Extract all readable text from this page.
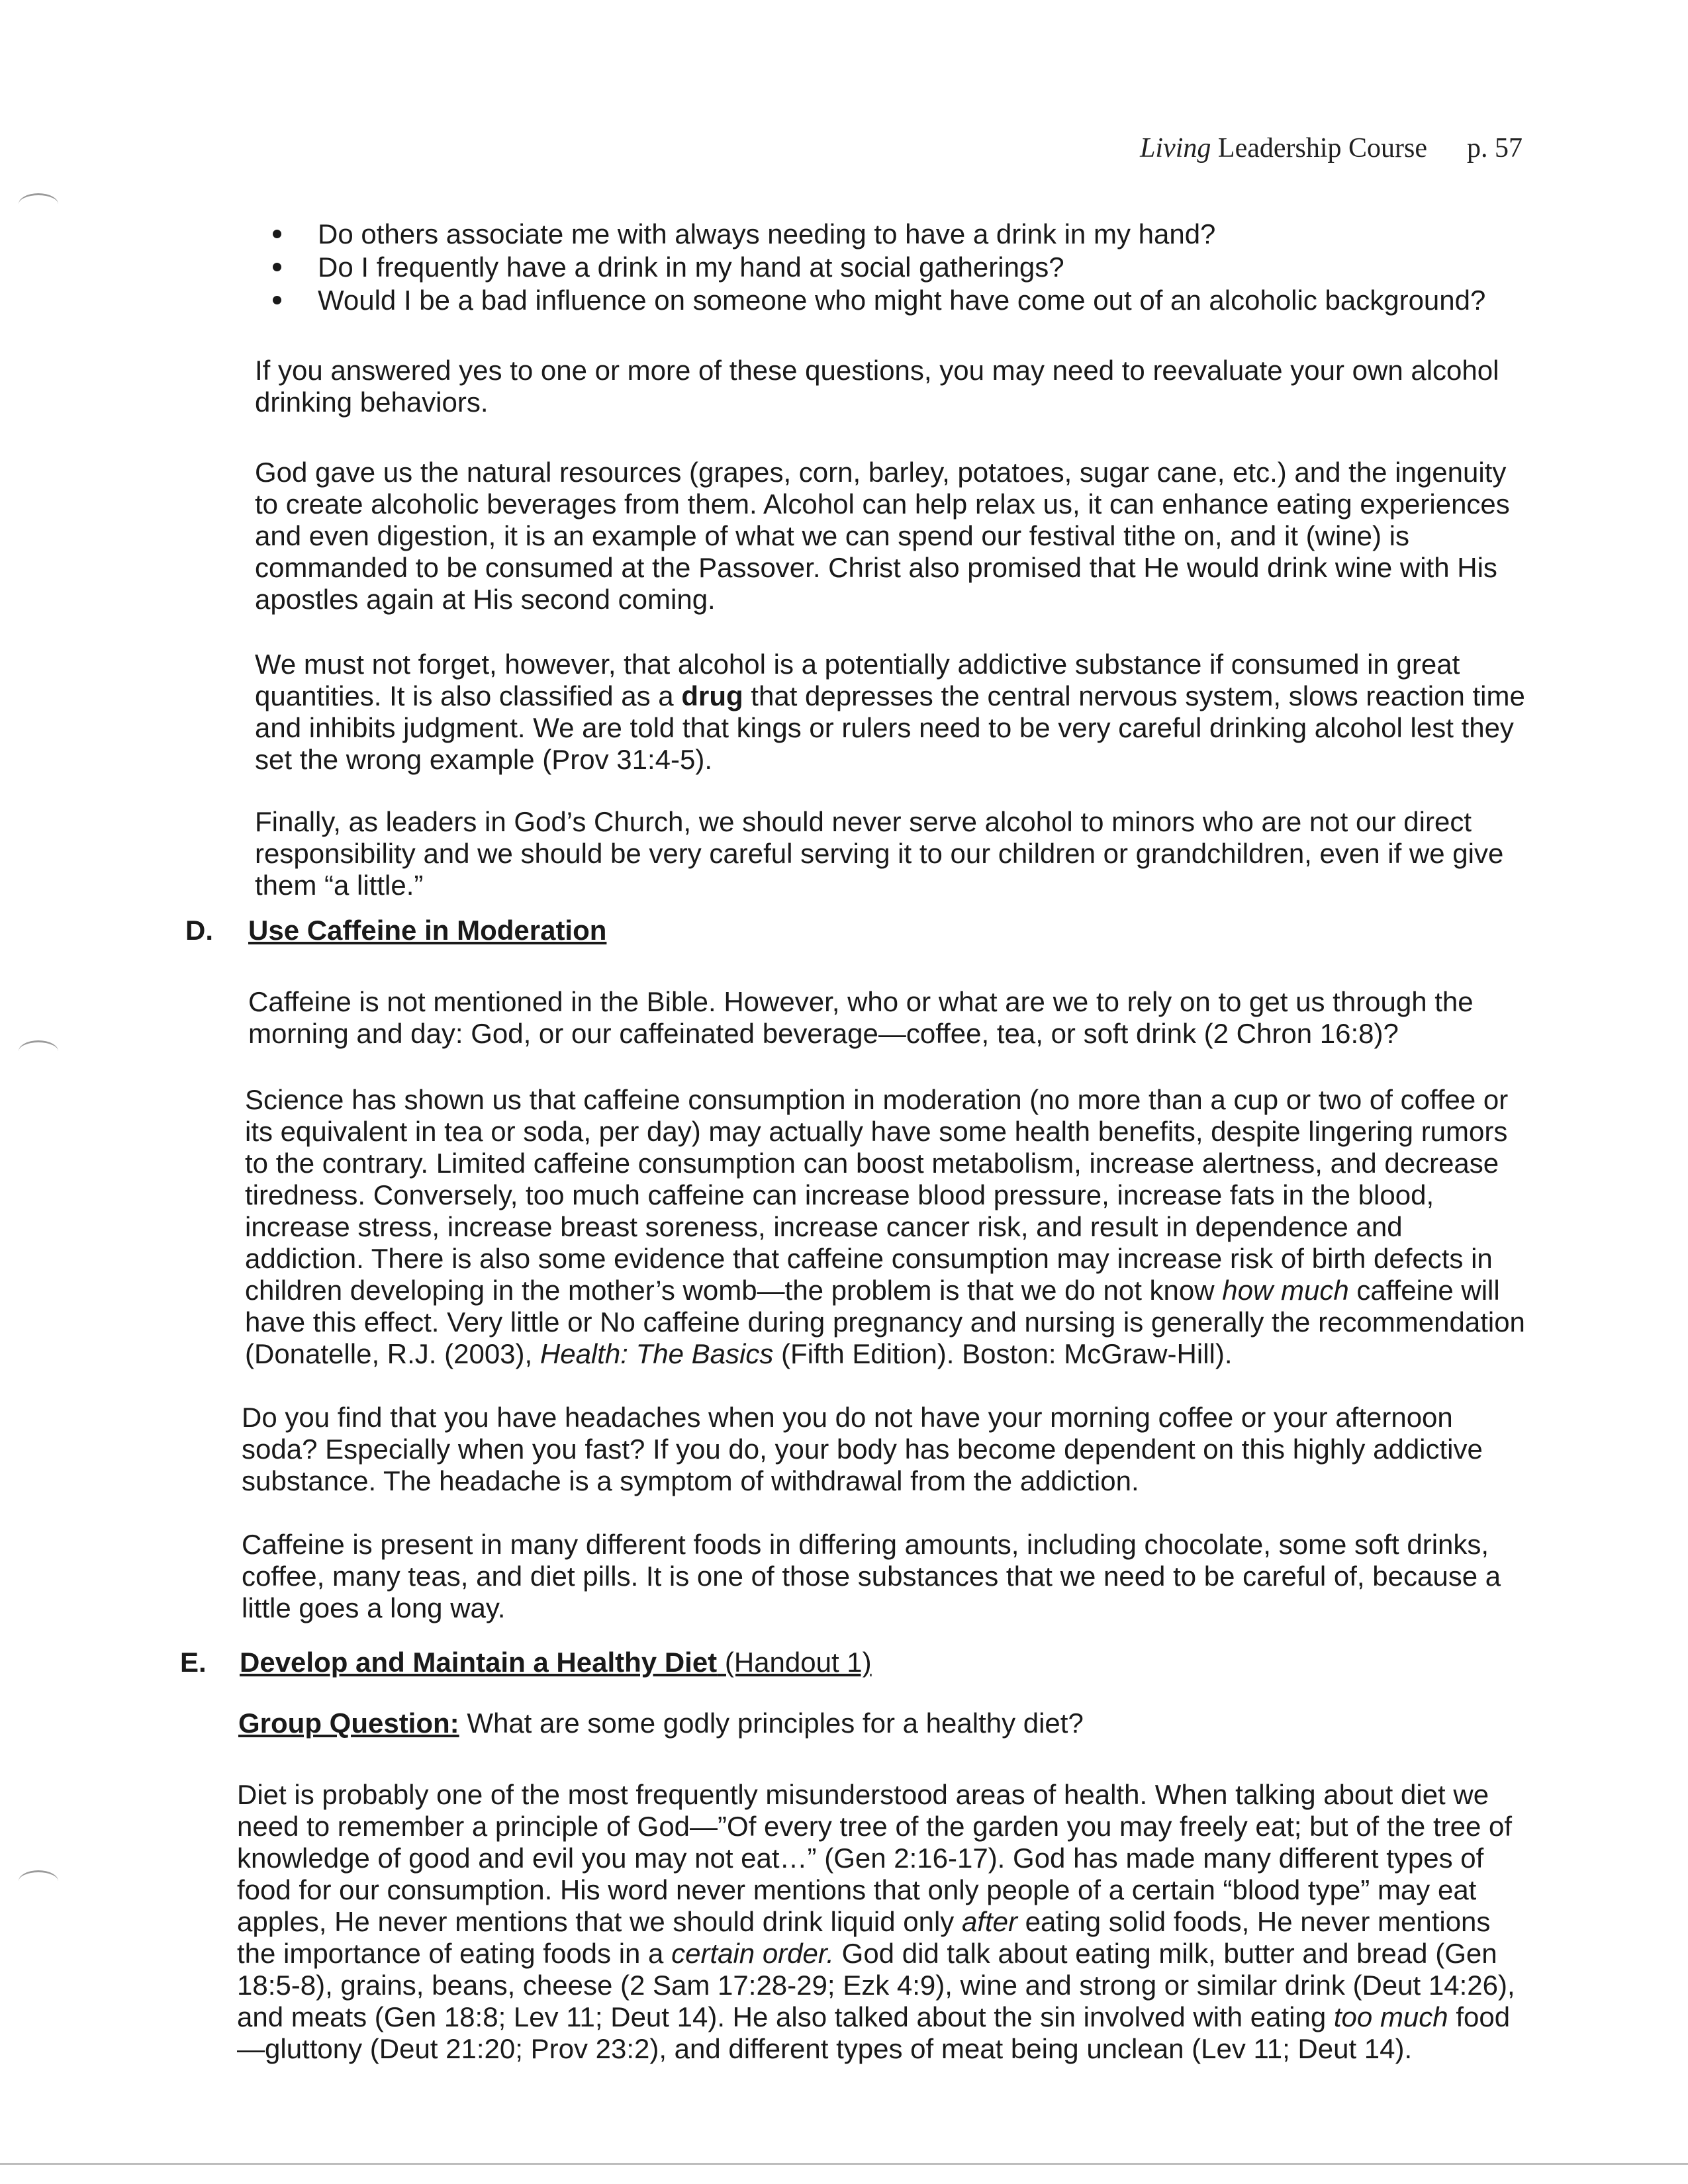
Living Leadership Course p. 57
Do others associate me with always needing to have a drink in my hand?
Do I frequently have a drink in my hand at social gatherings?
Would I be a bad influence on someone who might have come out of an alcoholic background?

If you answered yes to one or more of these questions, you may need to reevaluate your own alcohol drinking behaviors.

God gave us the natural resources (grapes, corn, barley, potatoes, sugar cane, etc.) and the ingenuity to create alcoholic beverages from them. Alcohol can help relax us, it can enhance eating experiences and even digestion, it is an example of what we can spend our festival tithe on, and it (wine) is commanded to be consumed at the Passover. Christ also promised that He would drink wine with His apostles again at His second coming.

We must not forget, however, that alcohol is a potentially addictive substance if consumed in great quantities. It is also classified as a drug that depresses the central nervous system, slows reaction time and inhibits judgment. We are told that kings or rulers need to be very careful drinking alcohol lest they set the wrong example (Prov 31:4-5).

Finally, as leaders in God’s Church, we should never serve alcohol to minors who are not our direct responsibility and we should be very careful serving it to our children or grandchildren, even if we give them “a little.”

D. Use Caffeine in Moderation

Caffeine is not mentioned in the Bible. However, who or what are we to rely on to get us through the morning and day: God, or our caffeinated beverage—coffee, tea, or soft drink (2 Chron 16:8)?

Science has shown us that caffeine consumption in moderation (no more than a cup or two of coffee or its equivalent in tea or soda, per day) may actually have some health benefits, despite lingering rumors to the contrary. Limited caffeine consumption can boost metabolism, increase alertness, and decrease tiredness. Conversely, too much caffeine can increase blood pressure, increase fats in the blood, increase stress, increase breast soreness, increase cancer risk, and result in dependence and addiction. There is also some evidence that caffeine consumption may increase risk of birth defects in children developing in the mother’s womb—the problem is that we do not know how much caffeine will have this effect. Very little or No caffeine during pregnancy and nursing is generally the recommendation (Donatelle, R.J. (2003), Health: The Basics (Fifth Edition). Boston: McGraw-Hill).

Do you find that you have headaches when you do not have your morning coffee or your afternoon soda? Especially when you fast? If you do, your body has become dependent on this highly addictive substance. The headache is a symptom of withdrawal from the addiction.

Caffeine is present in many different foods in differing amounts, including chocolate, some soft drinks, coffee, many teas, and diet pills. It is one of those substances that we need to be careful of, because a little goes a long way.

E. Develop and Maintain a Healthy Diet (Handout 1)
Group Question: What are some godly principles for a healthy diet?

Diet is probably one of the most frequently misunderstood areas of health. When talking about diet we need to remember a principle of God—”Of every tree of the garden you may freely eat; but of the tree of knowledge of good and evil you may not eat…” (Gen 2:16-17). God has made many different types of food for our consumption. His word never mentions that only people of a certain “blood type” may eat apples, He never mentions that we should drink liquid only after eating solid foods, He never mentions the importance of eating foods in a certain order. God did talk about eating milk, butter and bread (Gen 18:5-8), grains, beans, cheese (2 Sam 17:28-29; Ezk 4:9), wine and strong or similar drink (Deut 14:26), and meats (Gen 18:8; Lev 11; Deut 14). He also talked about the sin involved with eating too much food—gluttony (Deut 21:20; Prov 23:2), and different types of meat being unclean (Lev 11; Deut 14).
